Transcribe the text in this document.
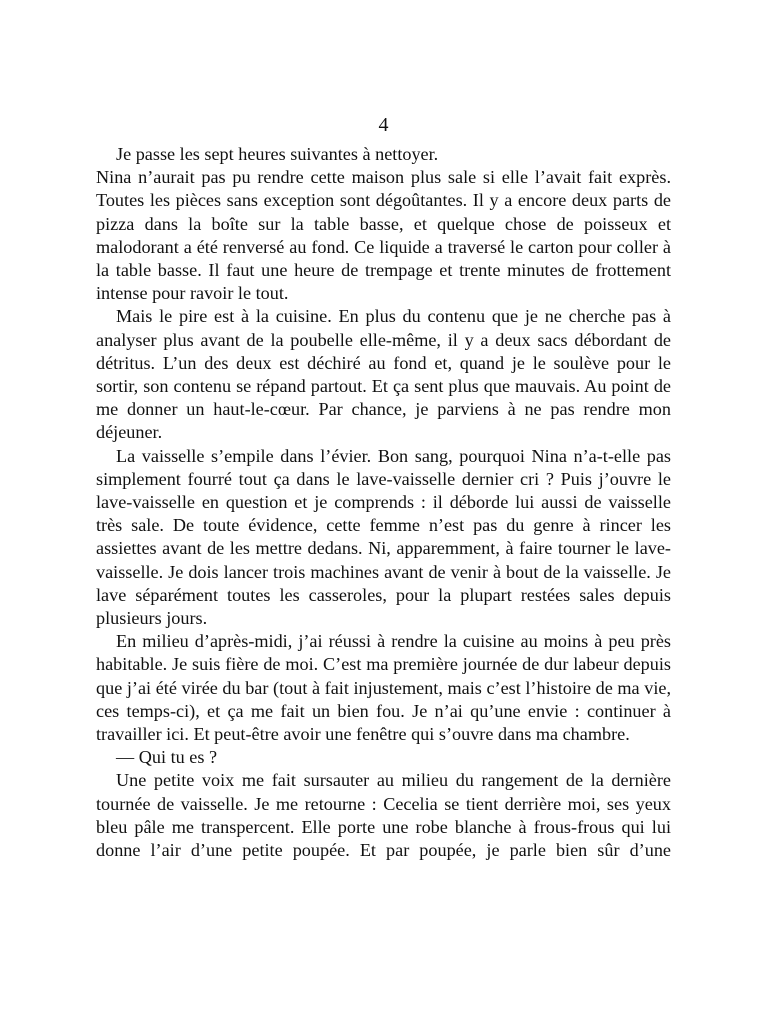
4

Je passe les sept heures suivantes à nettoyer.

Nina n’aurait pas pu rendre cette maison plus sale si elle l’avait fait exprès. Toutes les pièces sans exception sont dégoûtantes. Il y a encore deux parts de pizza dans la boîte sur la table basse, et quelque chose de poisseux et malodorant a été renversé au fond. Ce liquide a traversé le carton pour coller à la table basse. Il faut une heure de trempage et trente minutes de frottement intense pour ravoir le tout.

Mais le pire est à la cuisine. En plus du contenu que je ne cherche pas à analyser plus avant de la poubelle elle-même, il y a deux sacs débordant de détritus. L’un des deux est déchiré au fond et, quand je le soulève pour le sortir, son contenu se répand partout. Et ça sent plus que mauvais. Au point de me donner un haut-le-cœur. Par chance, je parviens à ne pas rendre mon déjeuner.

La vaisselle s’empile dans l’évier. Bon sang, pourquoi Nina n’a-t-elle pas simplement fourré tout ça dans le lave-vaisselle dernier cri ? Puis j’ouvre le lave-vaisselle en question et je comprends : il déborde lui aussi de vaisselle très sale. De toute évidence, cette femme n’est pas du genre à rincer les assiettes avant de les mettre dedans. Ni, apparemment, à faire tourner le lave-vaisselle. Je dois lancer trois machines avant de venir à bout de la vaisselle. Je lave séparément toutes les casseroles, pour la plupart restées sales depuis plusieurs jours.

En milieu d’après-midi, j’ai réussi à rendre la cuisine au moins à peu près habitable. Je suis fière de moi. C’est ma première journée de dur labeur depuis que j’ai été virée du bar (tout à fait injustement, mais c’est l’histoire de ma vie, ces temps-ci), et ça me fait un bien fou. Je n’ai qu’une envie : continuer à travailler ici. Et peut-être avoir une fenêtre qui s’ouvre dans ma chambre.

— Qui tu es ?

Une petite voix me fait sursauter au milieu du rangement de la dernière tournée de vaisselle. Je me retourne : Cecelia se tient derrière moi, ses yeux bleu pâle me transpercent. Elle porte une robe blanche à frous-frous qui lui donne l’air d’une petite poupée. Et par poupée, je parle bien sûr d’une
